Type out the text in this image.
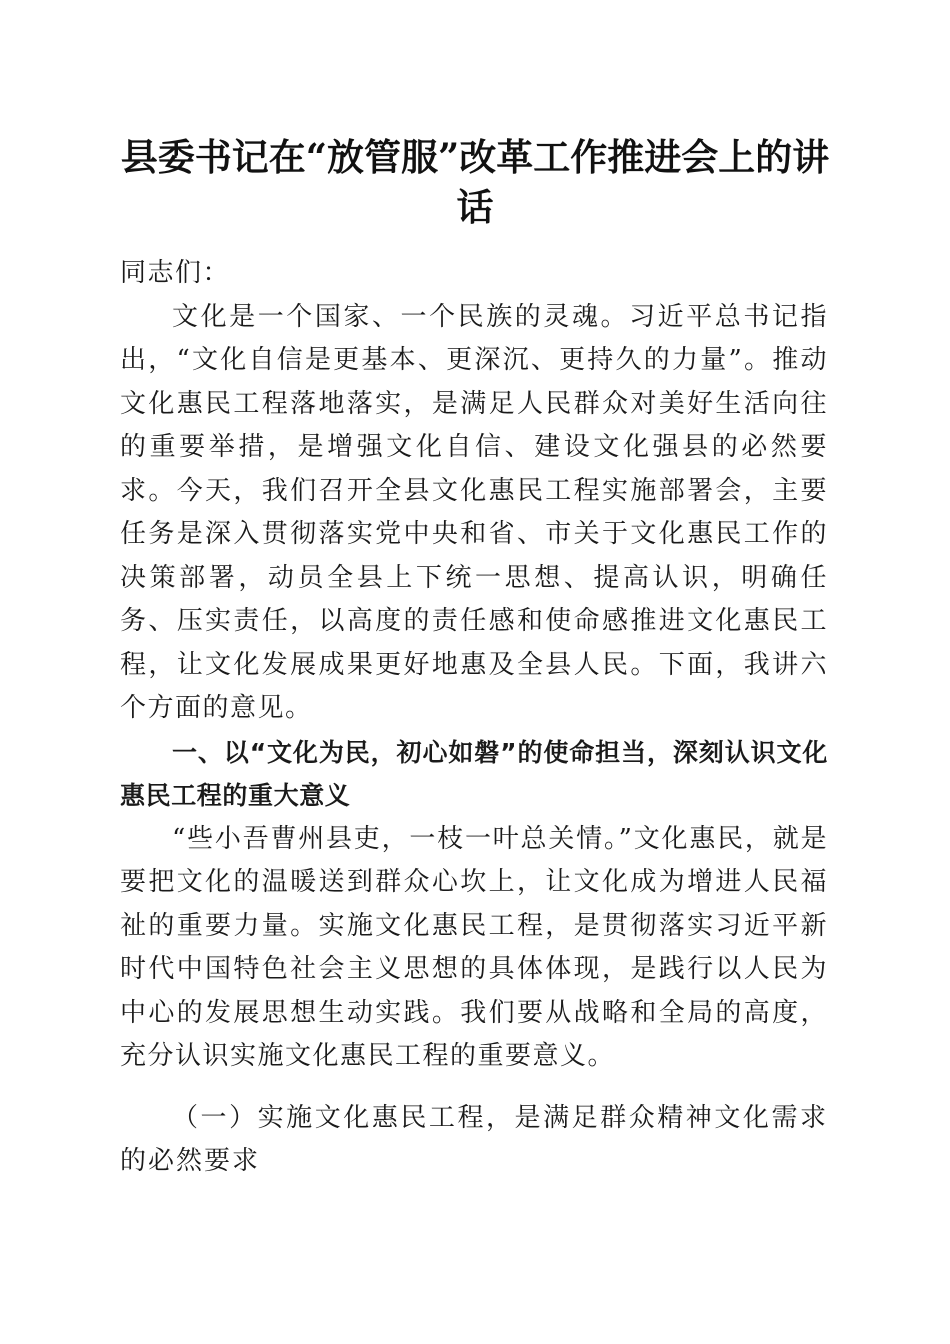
县委书记在“放管服”改革工作推进会上的讲话

同志们：

文化是一个国家、一个民族的灵魂。习近平总书记指出，“文化自信是更基本、更深沉、更持久的力量”。推动文化惠民工程落地落实，是满足人民群众对美好生活向往的重要举措，是增强文化自信、建设文化强县的必然要求。今天，我们召开全县文化惠民工程实施部署会，主要任务是深入贯彻落实党中央和省、市关于文化惠民工作的决策部署，动员全县上下统一思想、提高认识，明确任务、压实责任，以高度的责任感和使命感推进文化惠民工程，让文化发展成果更好地惠及全县人民。下面，我讲六个方面的意见。

一、以“文化为民，初心如磐”的使命担当，深刻认识文化惠民工程的重大意义

“些小吾曹州县吏，一枝一叶总关情。”文化惠民，就是要把文化的温暖送到群众心坎上，让文化成为增进人民福祉的重要力量。实施文化惠民工程，是贯彻落实习近平新时代中国特色社会主义思想的具体体现，是践行以人民为中心的发展思想生动实践。我们要从战略和全局的高度，充分认识实施文化惠民工程的重要意义。

（一）实施文化惠民工程，是满足群众精神文化需求的必然要求
